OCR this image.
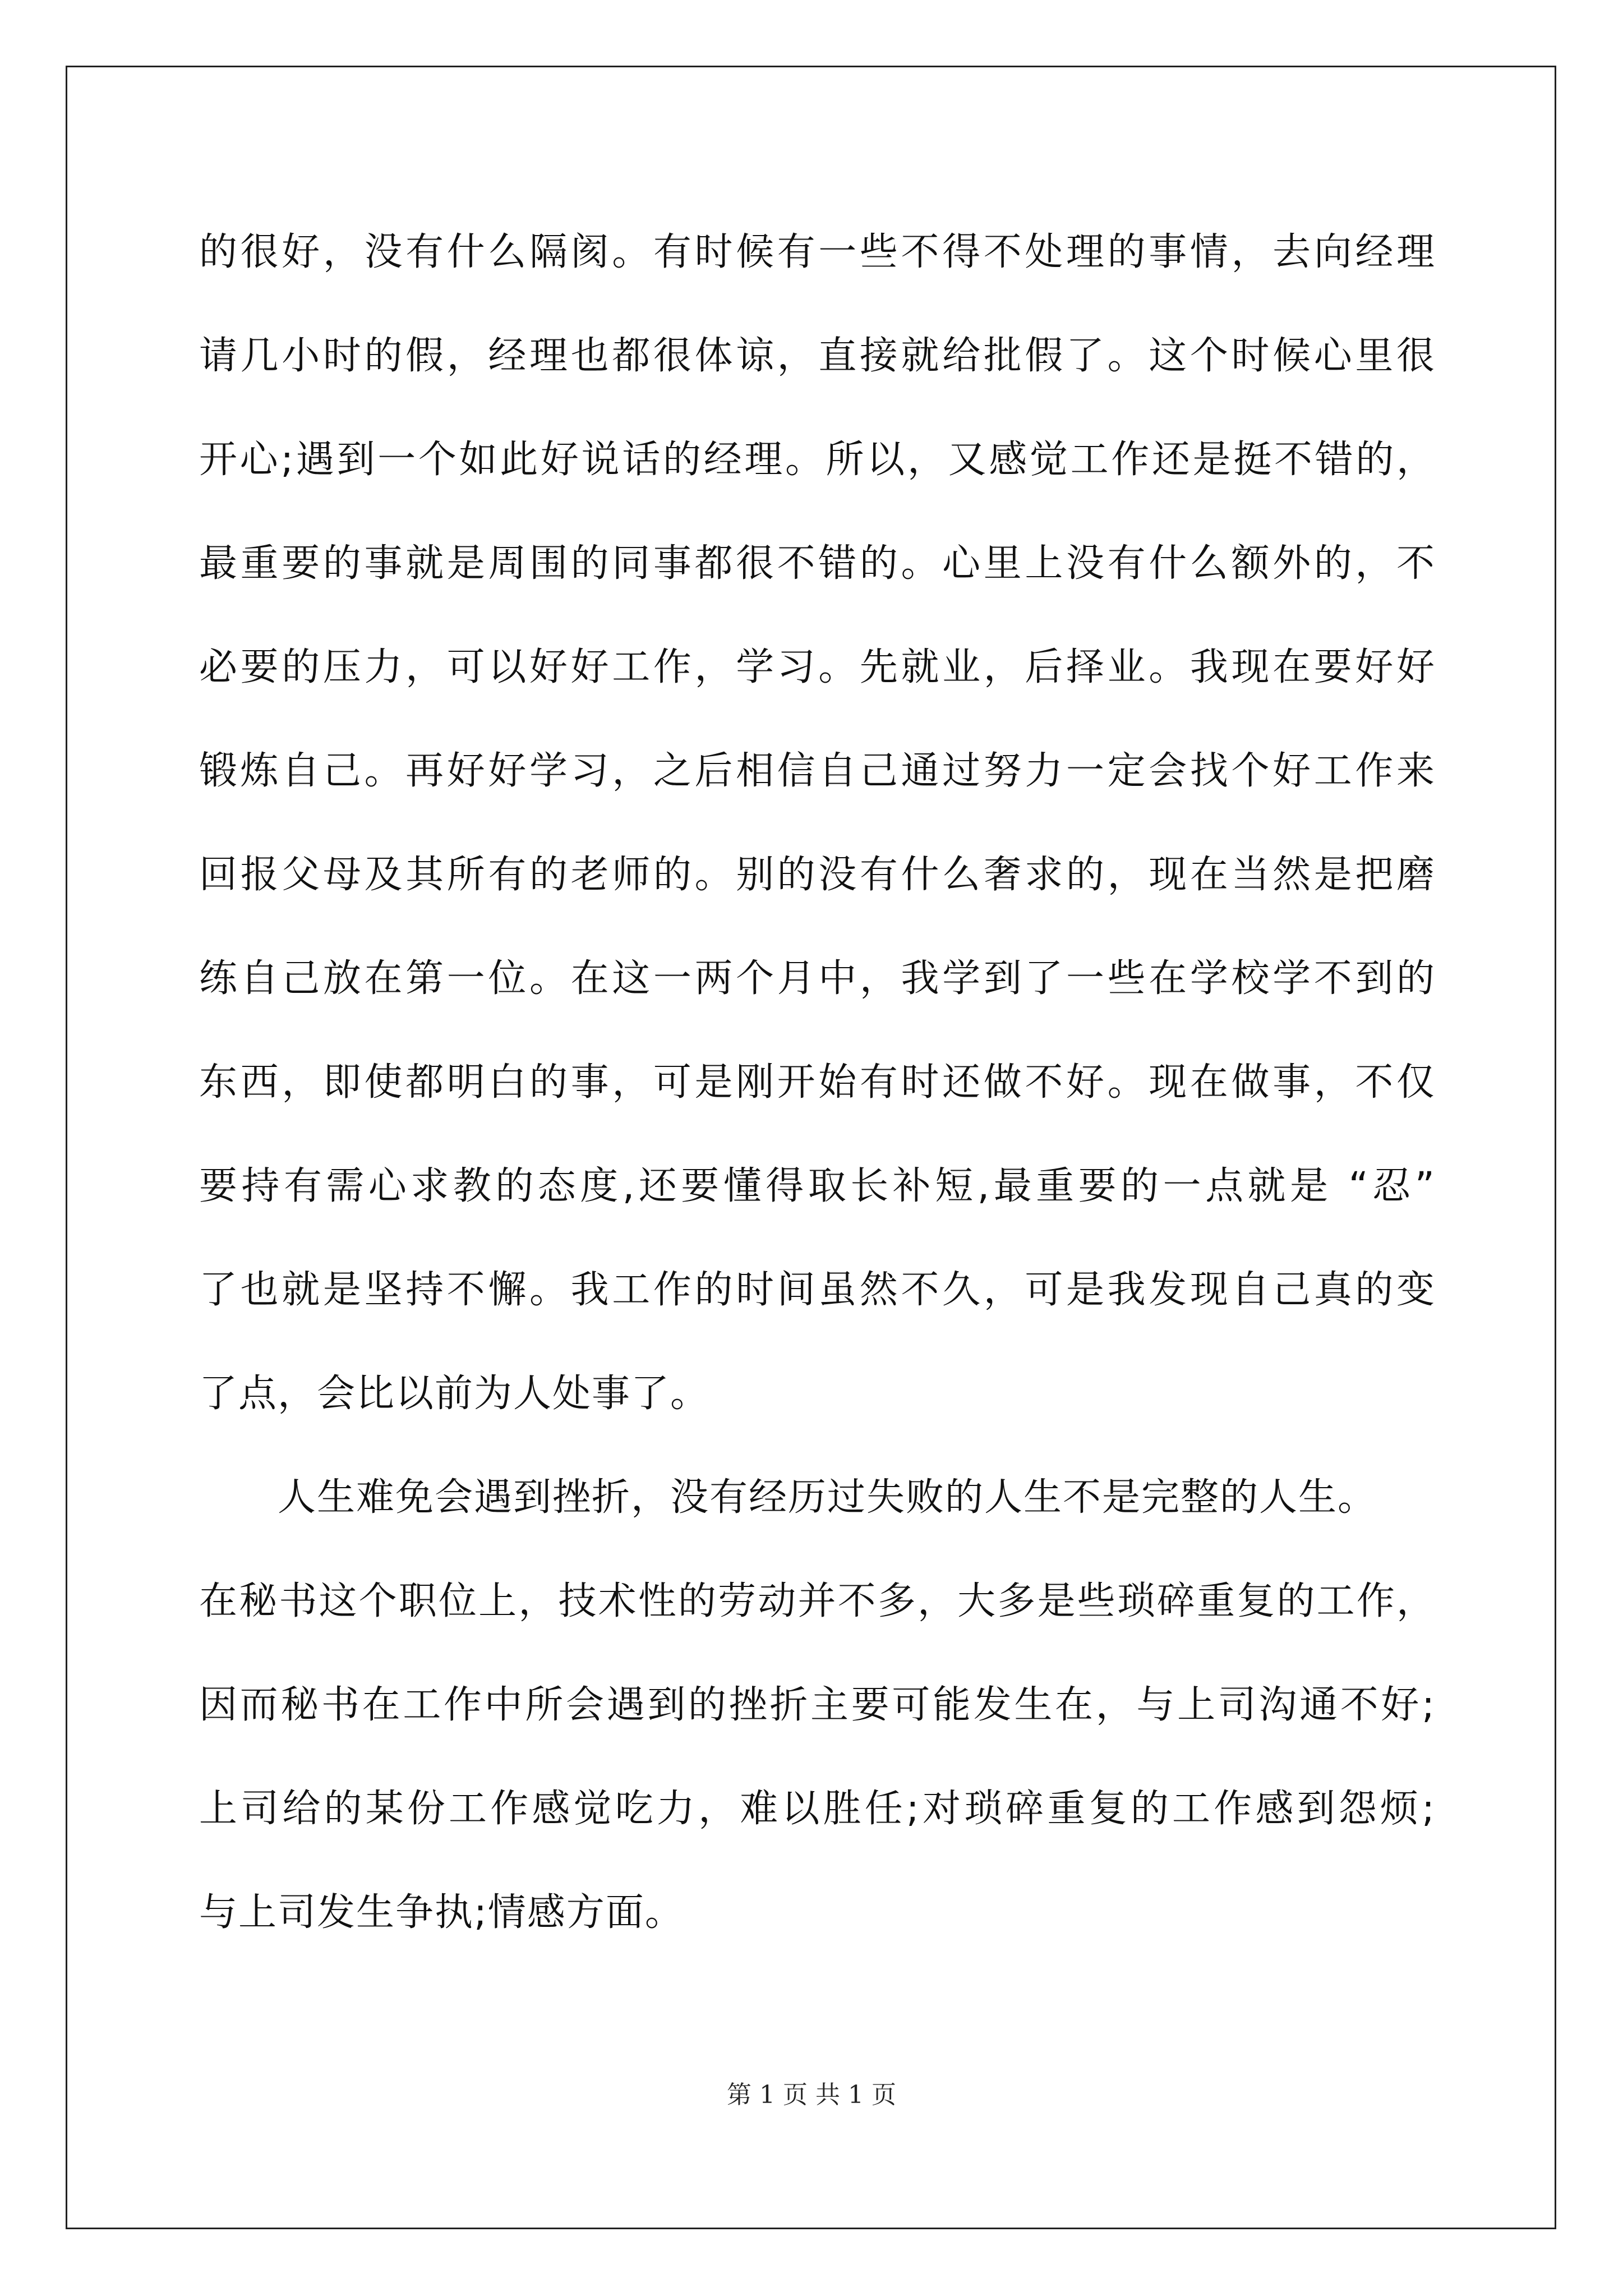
的很好，没有什么隔阂。有时候有一些不得不处理的事情，去向经理
请几小时的假，经理也都很体谅，直接就给批假了。这个时候心里很
开心;遇到一个如此好说话的经理。所以，又感觉工作还是挺不错的，
最重要的事就是周围的同事都很不错的。心里上没有什么额外的，不
必要的压力，可以好好工作，学习。先就业，后择业。我现在要好好
锻炼自己。再好好学习，之后相信自己通过努力一定会找个好工作来
回报父母及其所有的老师的。别的没有什么奢求的，现在当然是把磨
练自己放在第一位。在这一两个月中，我学到了一些在学校学不到的
东西，即使都明白的事，可是刚开始有时还做不好。现在做事，不仅
要持有需心求教的态度,还要懂得取长补短,最重要的一点就是 “忍”
了也就是坚持不懈。我工作的时间虽然不久，可是我发现自己真的变
了点，会比以前为人处事了。
人生难免会遇到挫折，没有经历过失败的人生不是完整的人生。
在秘书这个职位上，技术性的劳动并不多，大多是些琐碎重复的工作，
因而秘书在工作中所会遇到的挫折主要可能发生在，与上司沟通不好;
上司给的某份工作感觉吃力，难以胜任;对琐碎重复的工作感到怨烦;
与上司发生争执;情感方面。
第 1 页 共 1 页
